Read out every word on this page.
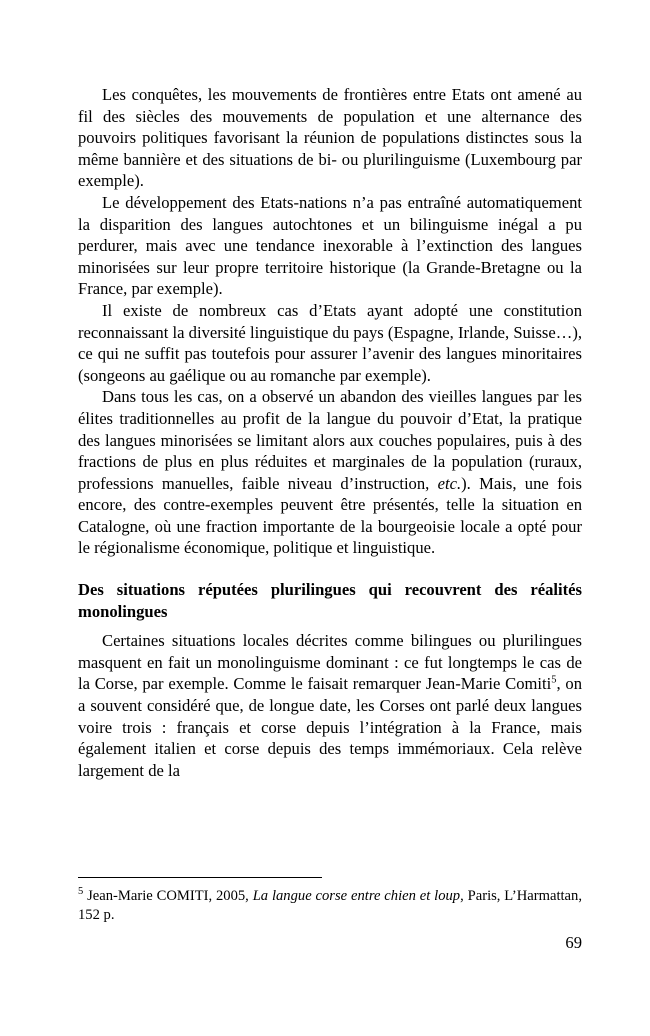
Les conquêtes, les mouvements de frontières entre Etats ont amené au fil des siècles des mouvements de population et une alternance des pouvoirs politiques favorisant la réunion de populations distinctes sous la même bannière et des situations de bi- ou plurilinguisme (Luxembourg par exemple).

Le développement des Etats-nations n’a pas entraîné automatiquement la disparition des langues autochtones et un bilinguisme inégal a pu perdurer, mais avec une tendance inexorable à l’extinction des langues minorisées sur leur propre territoire historique (la Grande-Bretagne ou la France, par exemple).

Il existe de nombreux cas d’Etats ayant adopté une constitution reconnaissant la diversité linguistique du pays (Espagne, Irlande, Suisse…), ce qui ne suffit pas toutefois pour assurer l’avenir des langues minoritaires (songeons au gaélique ou au romanche par exemple).

Dans tous les cas, on a observé un abandon des vieilles langues par les élites traditionnelles au profit de la langue du pouvoir d’Etat, la pratique des langues minorisées se limitant alors aux couches populaires, puis à des fractions de plus en plus réduites et marginales de la population (ruraux, professions manuelles, faible niveau d’instruction, etc.). Mais, une fois encore, des contre-exemples peuvent être présentés, telle la situation en Catalogne, où une fraction importante de la bourgeoisie locale a opté pour le régionalisme économique, politique et linguistique.

Des situations réputées plurilingues qui recouvrent des réalités monolingues

Certaines situations locales décrites comme bilingues ou plurilingues masquent en fait un monolinguisme dominant : ce fut longtemps le cas de la Corse, par exemple. Comme le faisait remarquer Jean-Marie Comiti$^5$, on a souvent considéré que, de longue date, les Corses ont parlé deux langues voire trois : français et corse depuis l’intégration à la France, mais également italien et corse depuis des temps immémoriaux. Cela relève largement de la

$^5$ Jean-Marie COMITI, 2005, La langue corse entre chien et loup, Paris, L’Harmattan, 152 p.

69
